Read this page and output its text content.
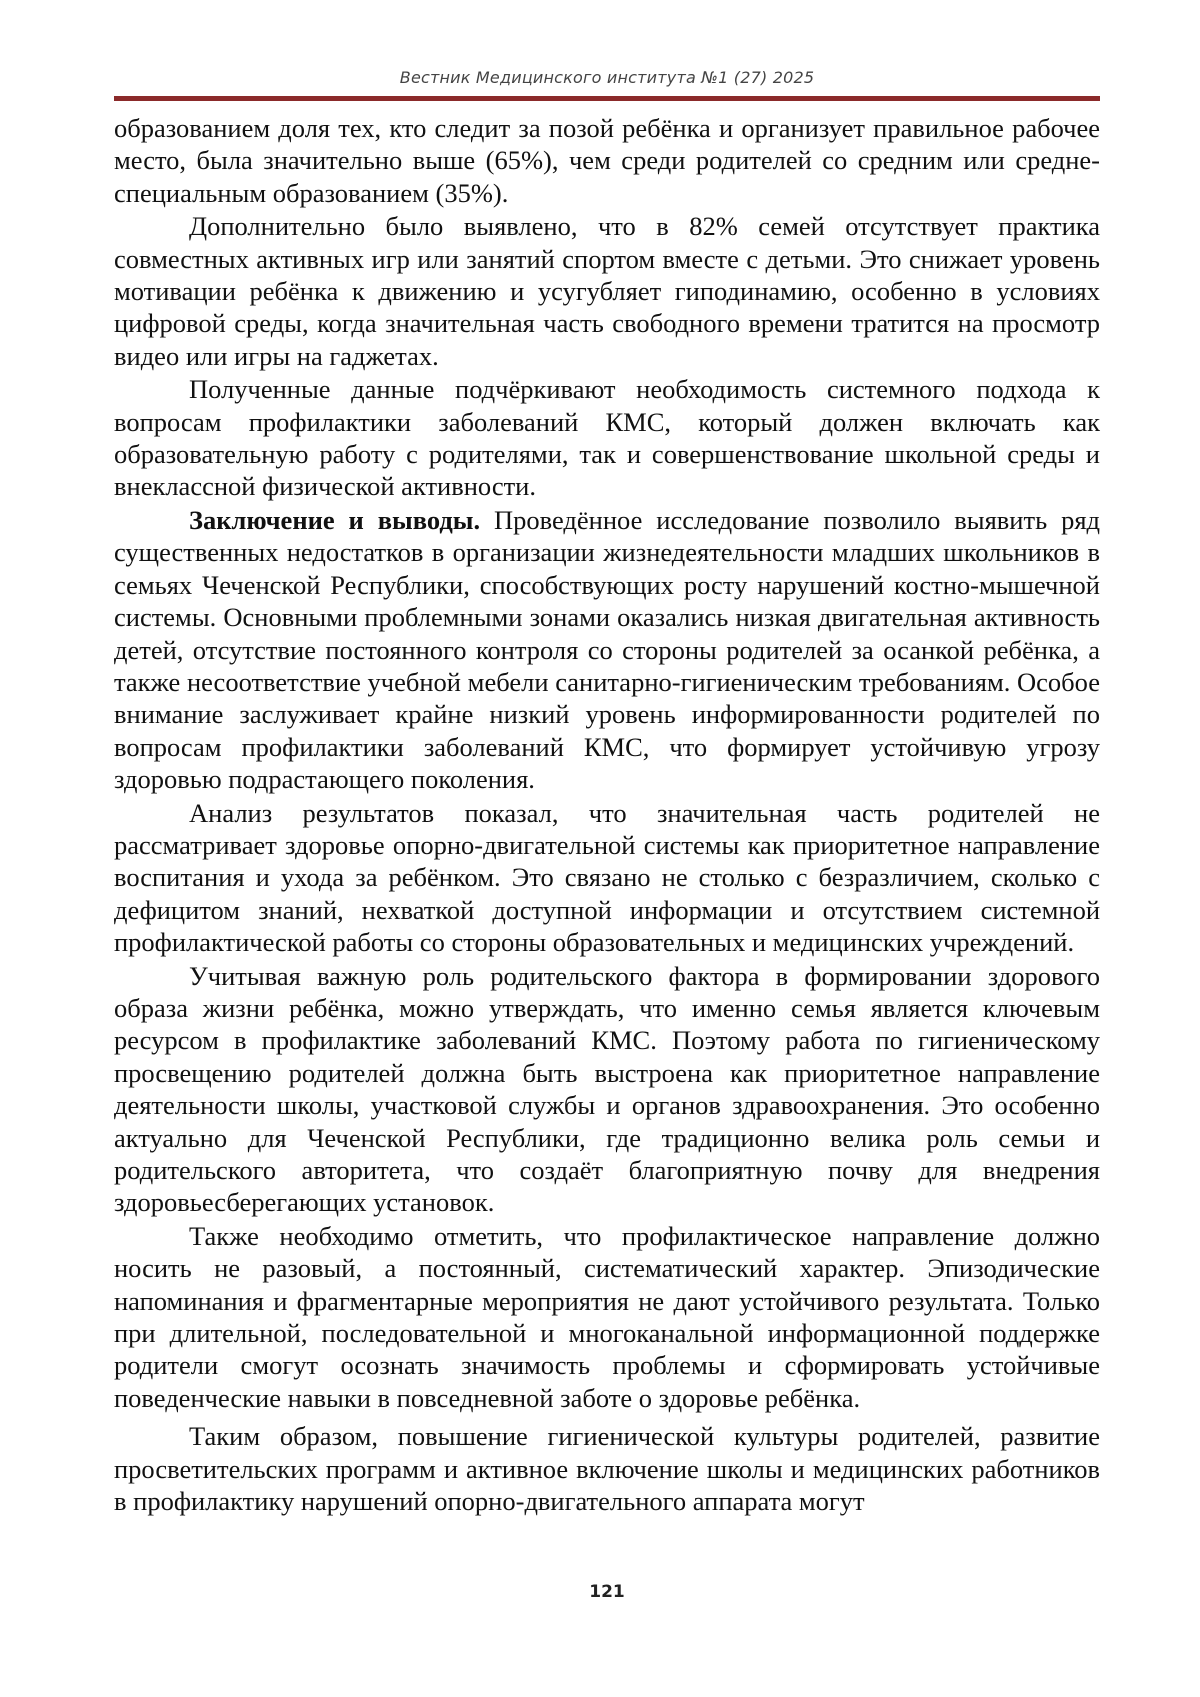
Вестник Медицинского института №1 (27) 2025

образованием доля тех, кто следит за позой ребёнка и организует правильное рабочее место, была значительно выше (65%), чем среди родителей со средним или средне-специальным образованием (35%).

Дополнительно было выявлено, что в 82% семей отсутствует практика совместных активных игр или занятий спортом вместе с детьми. Это снижает уровень мотивации ребёнка к движению и усугубляет гиподинамию, особенно в условиях цифровой среды, когда значительная часть свободного времени тратится на просмотр видео или игры на гаджетах.

Полученные данные подчёркивают необходимость системного подхода к вопросам профилактики заболеваний КМС, который должен включать как образовательную работу с родителями, так и совершенствование школьной среды и внеклассной физической активности.

Заключение и выводы. Проведённое исследование позволило выявить ряд существенных недостатков в организации жизнедеятельности младших школьников в семьях Чеченской Республики, способствующих росту нарушений костно-мышечной системы. Основными проблемными зонами оказались низкая двигательная активность детей, отсутствие постоянного контроля со стороны родителей за осанкой ребёнка, а также несоответствие учебной мебели санитарно-гигиеническим требованиям. Особое внимание заслуживает крайне низкий уровень информированности родителей по вопросам профилактики заболеваний КМС, что формирует устойчивую угрозу здоровью подрастающего поколения.

Анализ результатов показал, что значительная часть родителей не рассматривает здоровье опорно-двигательной системы как приоритетное направление воспитания и ухода за ребёнком. Это связано не столько с безразличием, сколько с дефицитом знаний, нехваткой доступной информации и отсутствием системной профилактической работы со стороны образовательных и медицинских учреждений.

Учитывая важную роль родительского фактора в формировании здорового образа жизни ребёнка, можно утверждать, что именно семья является ключевым ресурсом в профилактике заболеваний КМС. Поэтому работа по гигиеническому просвещению родителей должна быть выстроена как приоритетное направление деятельности школы, участковой службы и органов здравоохранения. Это особенно актуально для Чеченской Республики, где традиционно велика роль семьи и родительского авторитета, что создаёт благоприятную почву для внедрения здоровьесберегающих установок.

Также необходимо отметить, что профилактическое направление должно носить не разовый, а постоянный, систематический характер. Эпизодические напоминания и фрагментарные мероприятия не дают устойчивого результата. Только при длительной, последовательной и многоканальной информационной поддержке родители смогут осознать значимость проблемы и сформировать устойчивые поведенческие навыки в повседневной заботе о здоровье ребёнка.

Таким образом, повышение гигиенической культуры родителей, развитие просветительских программ и активное включение школы и медицинских работников в профилактику нарушений опорно-двигательного аппарата могут

121
